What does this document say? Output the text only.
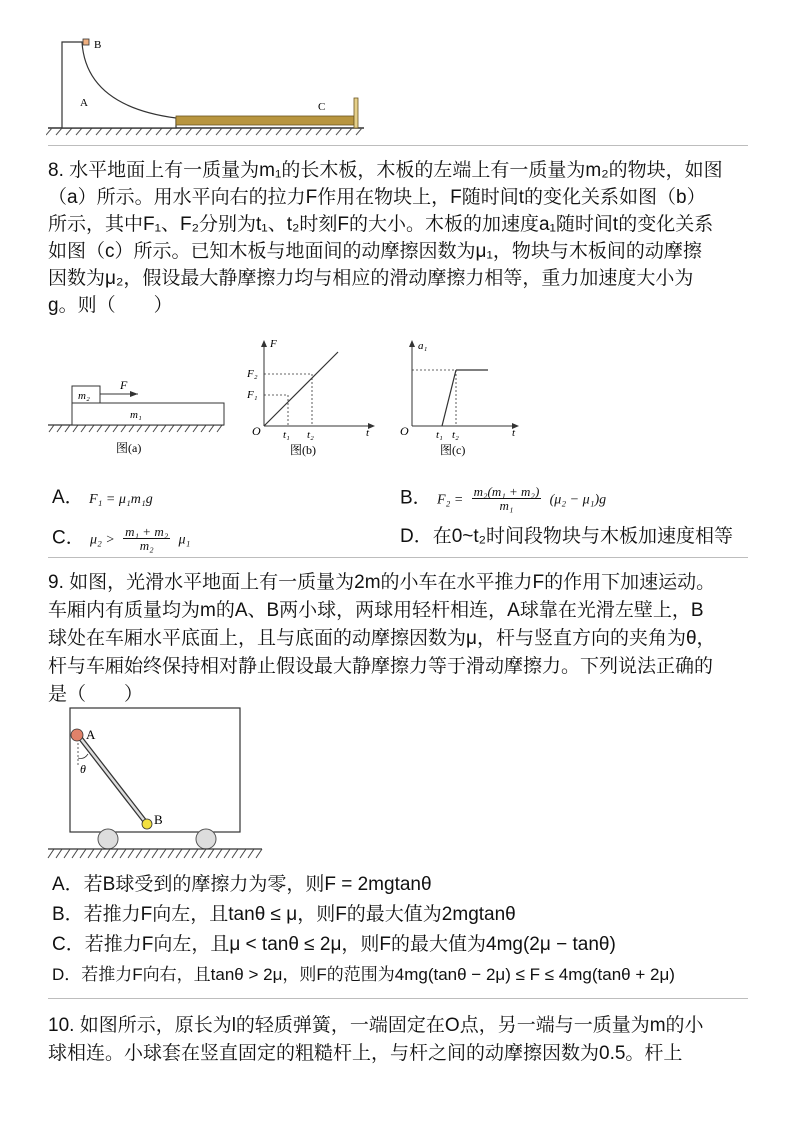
B
A	C
8. 水平地面上有一质量为m₁的长木板，木板的左端上有一质量为m₂的物块，如图
（a）所示。用水平向右的拉力F作用在物块上，F随时间t的变化关系如图（b）
所示，其中F₁、F₂分别为t₁、t₂时刻F的大小。木板的加速度a₁随时间t的变化关系
如图（c）所示。已知木板与地面间的动摩擦因数为μ₁，物块与木板间的动摩擦
因数为μ₂，假设最大静摩擦力均与相应的滑动摩擦力相等，重力加速度大小为
g。则（　　）
m₂
m₁
F
图(a)
F
F₂
F₁
O t₁ t₂	t
图(b)
a₁
O t₁ t₂	t
图(c)
A． F₁ = μ₁m₁g	B． $F_2 = \frac{\text{m₂(m₁ + m₂)}}{\text{m₁}} (\mu_2 - \mu_1)g$
C． $\mu_2 > \frac{\text{m₁ + m₂}}{\text{m₂}} \mu_1$	D．在0~t₂时间段物块与木板加速度相等
9. 如图，光滑水平地面上有一质量为2m的小车在水平推力F的作用下加速运动。
车厢内有质量均为m的A、B两小球，两球用轻杆相连，A球靠在光滑左壁上，B
球处在车厢水平底面上，且与底面的动摩擦因数为μ，杆与竖直方向的夹角为θ，
杆与车厢始终保持相对静止假设最大静摩擦力等于滑动摩擦力。下列说法正确的
是（　　）
A
B
θ
A．若B球受到的摩擦力为零，则F = 2mgtanθ
B．若推力F向左，且tanθ ≤ μ，则F的最大值为2mgtanθ
C．若推力F向左，且μ < tanθ ≤ 2μ，则F的最大值为4mg(2μ − tanθ)
D．若推力F向右，且tanθ > 2μ，则F的范围为4mg(tanθ − 2μ) ≤ F ≤ 4mg(tanθ + 2μ)
10. 如图所示，原长为l的轻质弹簧，一端固定在O点，另一端与一质量为m的小
球相连。小球套在竖直固定的粗糙杆上，与杆之间的动摩擦因数为0.5。杆上
